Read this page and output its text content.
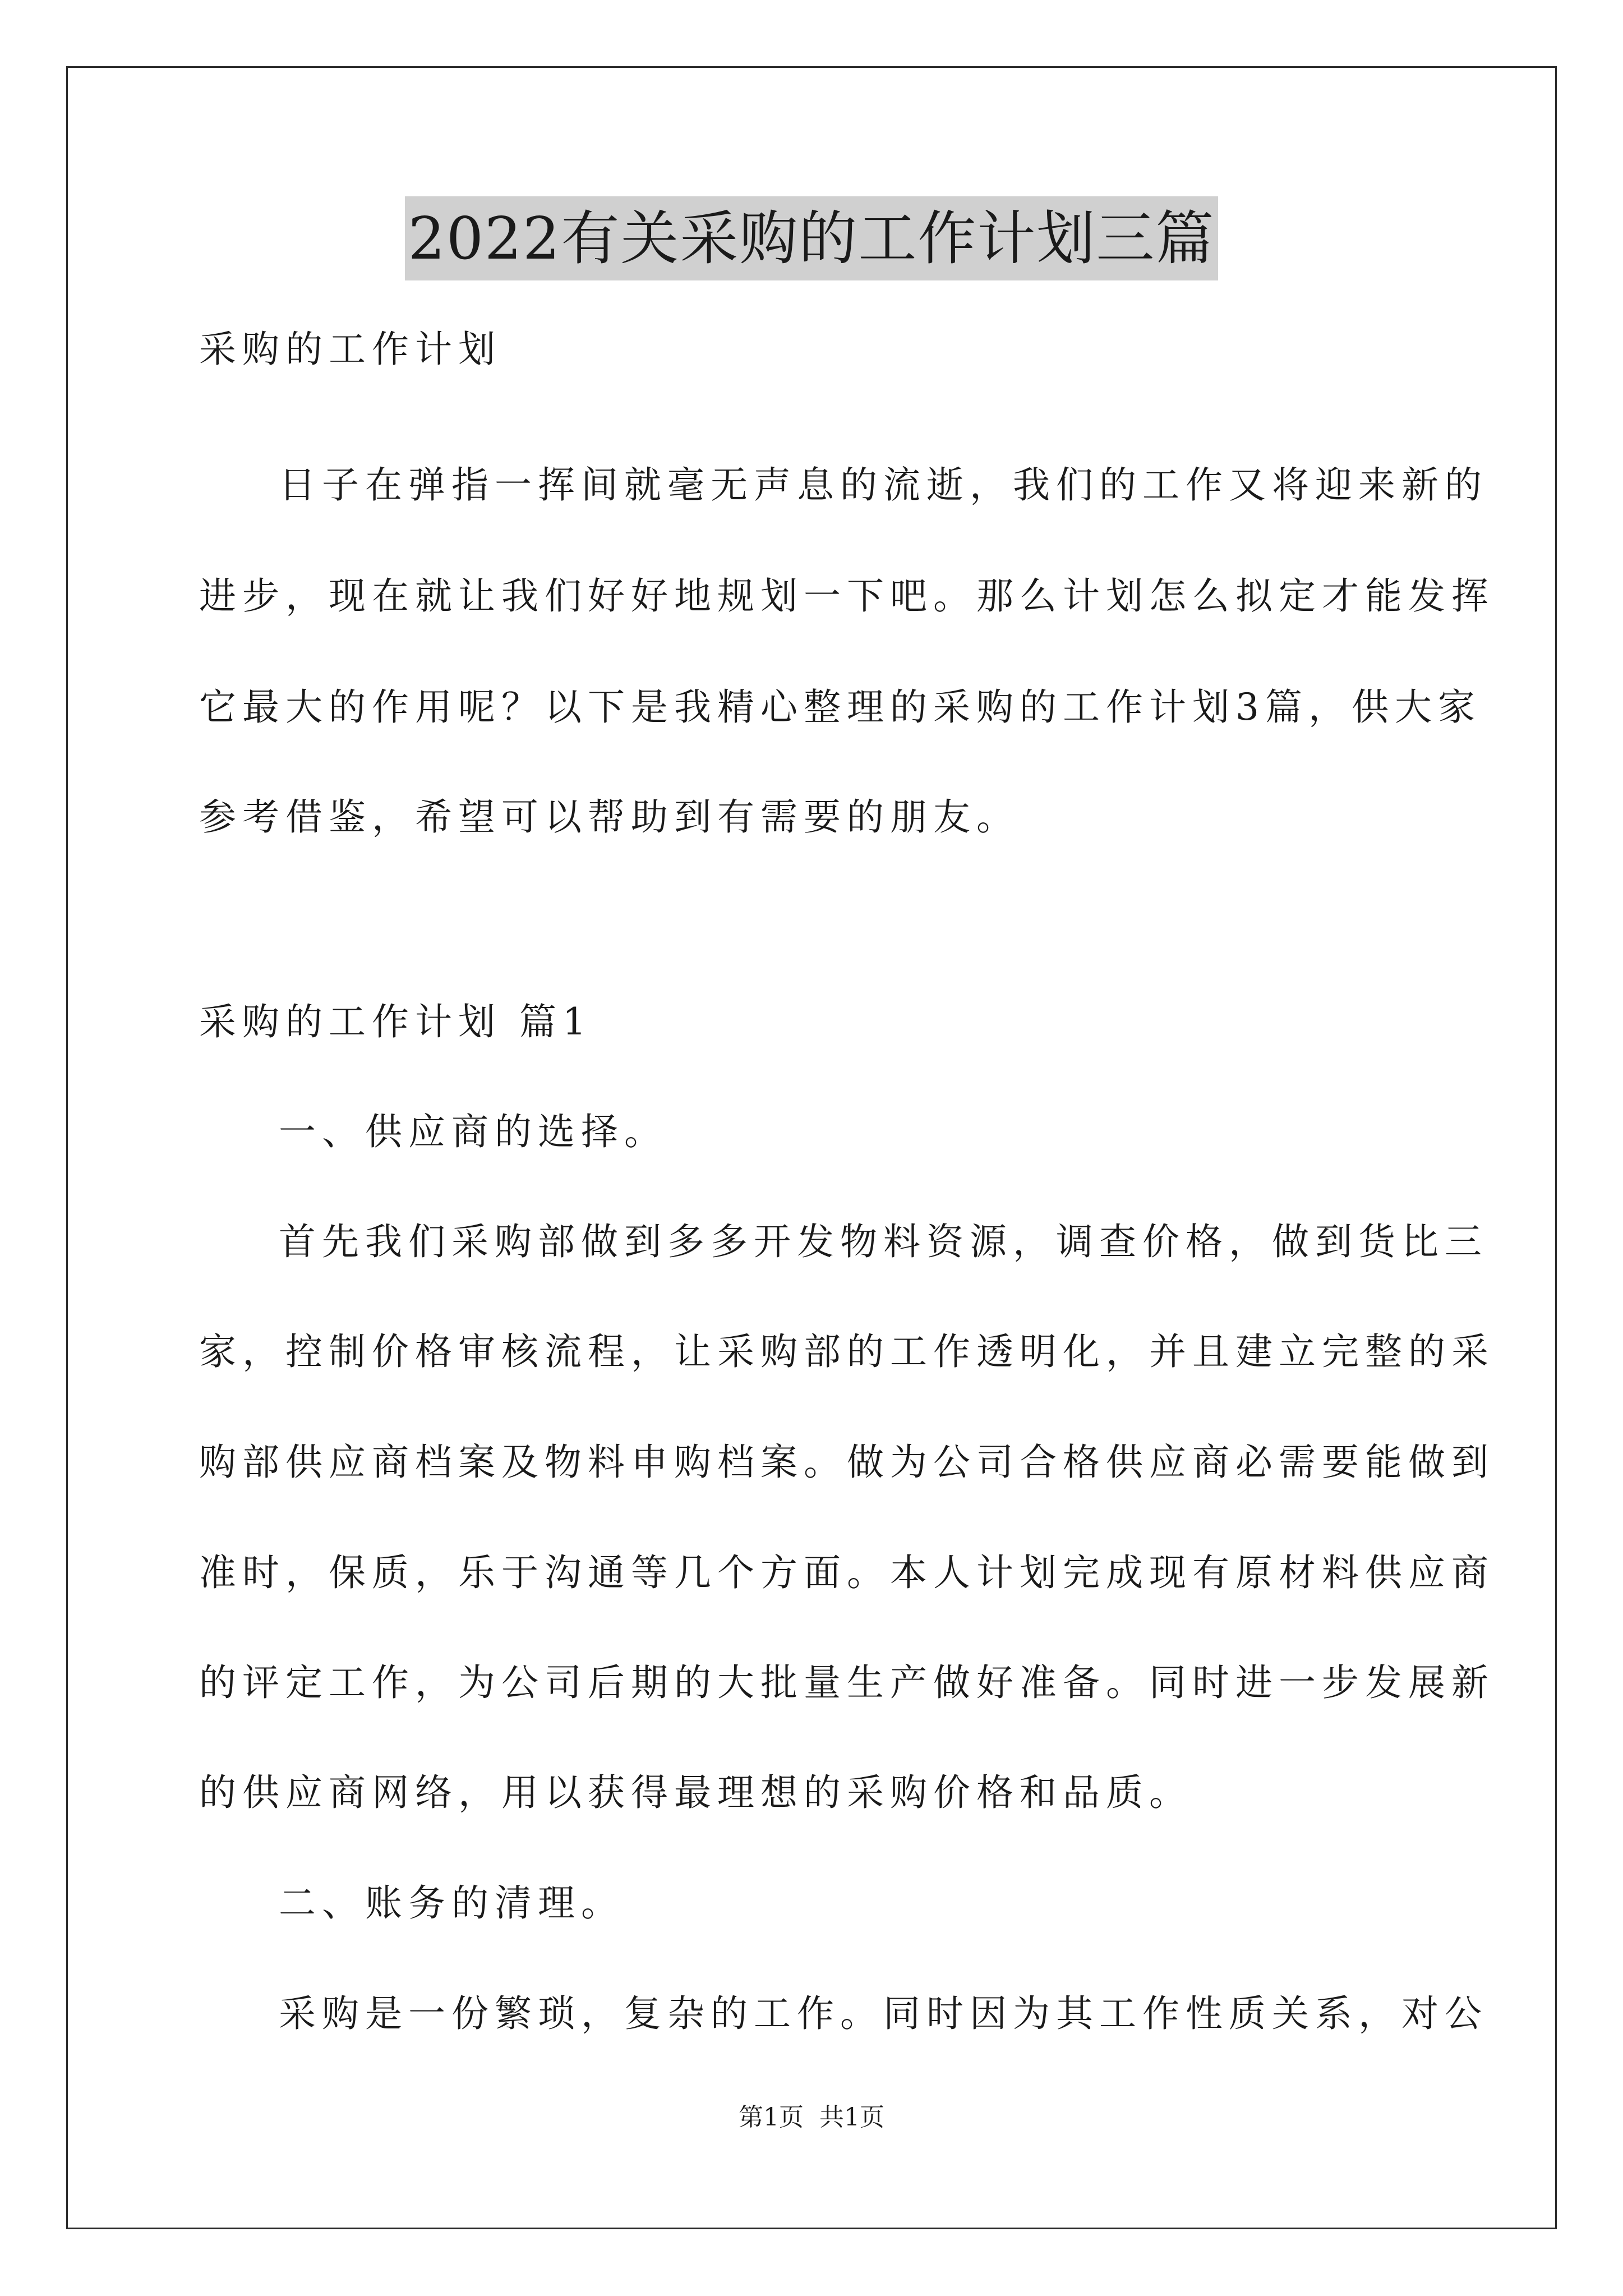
2022有关采购的工作计划三篇
采购的工作计划
日子在弹指一挥间就毫无声息的流逝，我们的工作又将迎来新的
进步，现在就让我们好好地规划一下吧。那么计划怎么拟定才能发挥
它最大的作用呢？以下是我精心整理的采购的工作计划3篇，供大家
参考借鉴，希望可以帮助到有需要的朋友。
采购的工作计划 篇1
一、供应商的选择。
首先我们采购部做到多多开发物料资源，调查价格，做到货比三
家，控制价格审核流程，让采购部的工作透明化，并且建立完整的采
购部供应商档案及物料申购档案。做为公司合格供应商必需要能做到
准时，保质，乐于沟通等几个方面。本人计划完成现有原材料供应商
的评定工作，为公司后期的大批量生产做好准备。同时进一步发展新
的供应商网络，用以获得最理想的采购价格和品质。
二、账务的清理。
采购是一份繁琐，复杂的工作。同时因为其工作性质关系，对公
第1页 共1页
